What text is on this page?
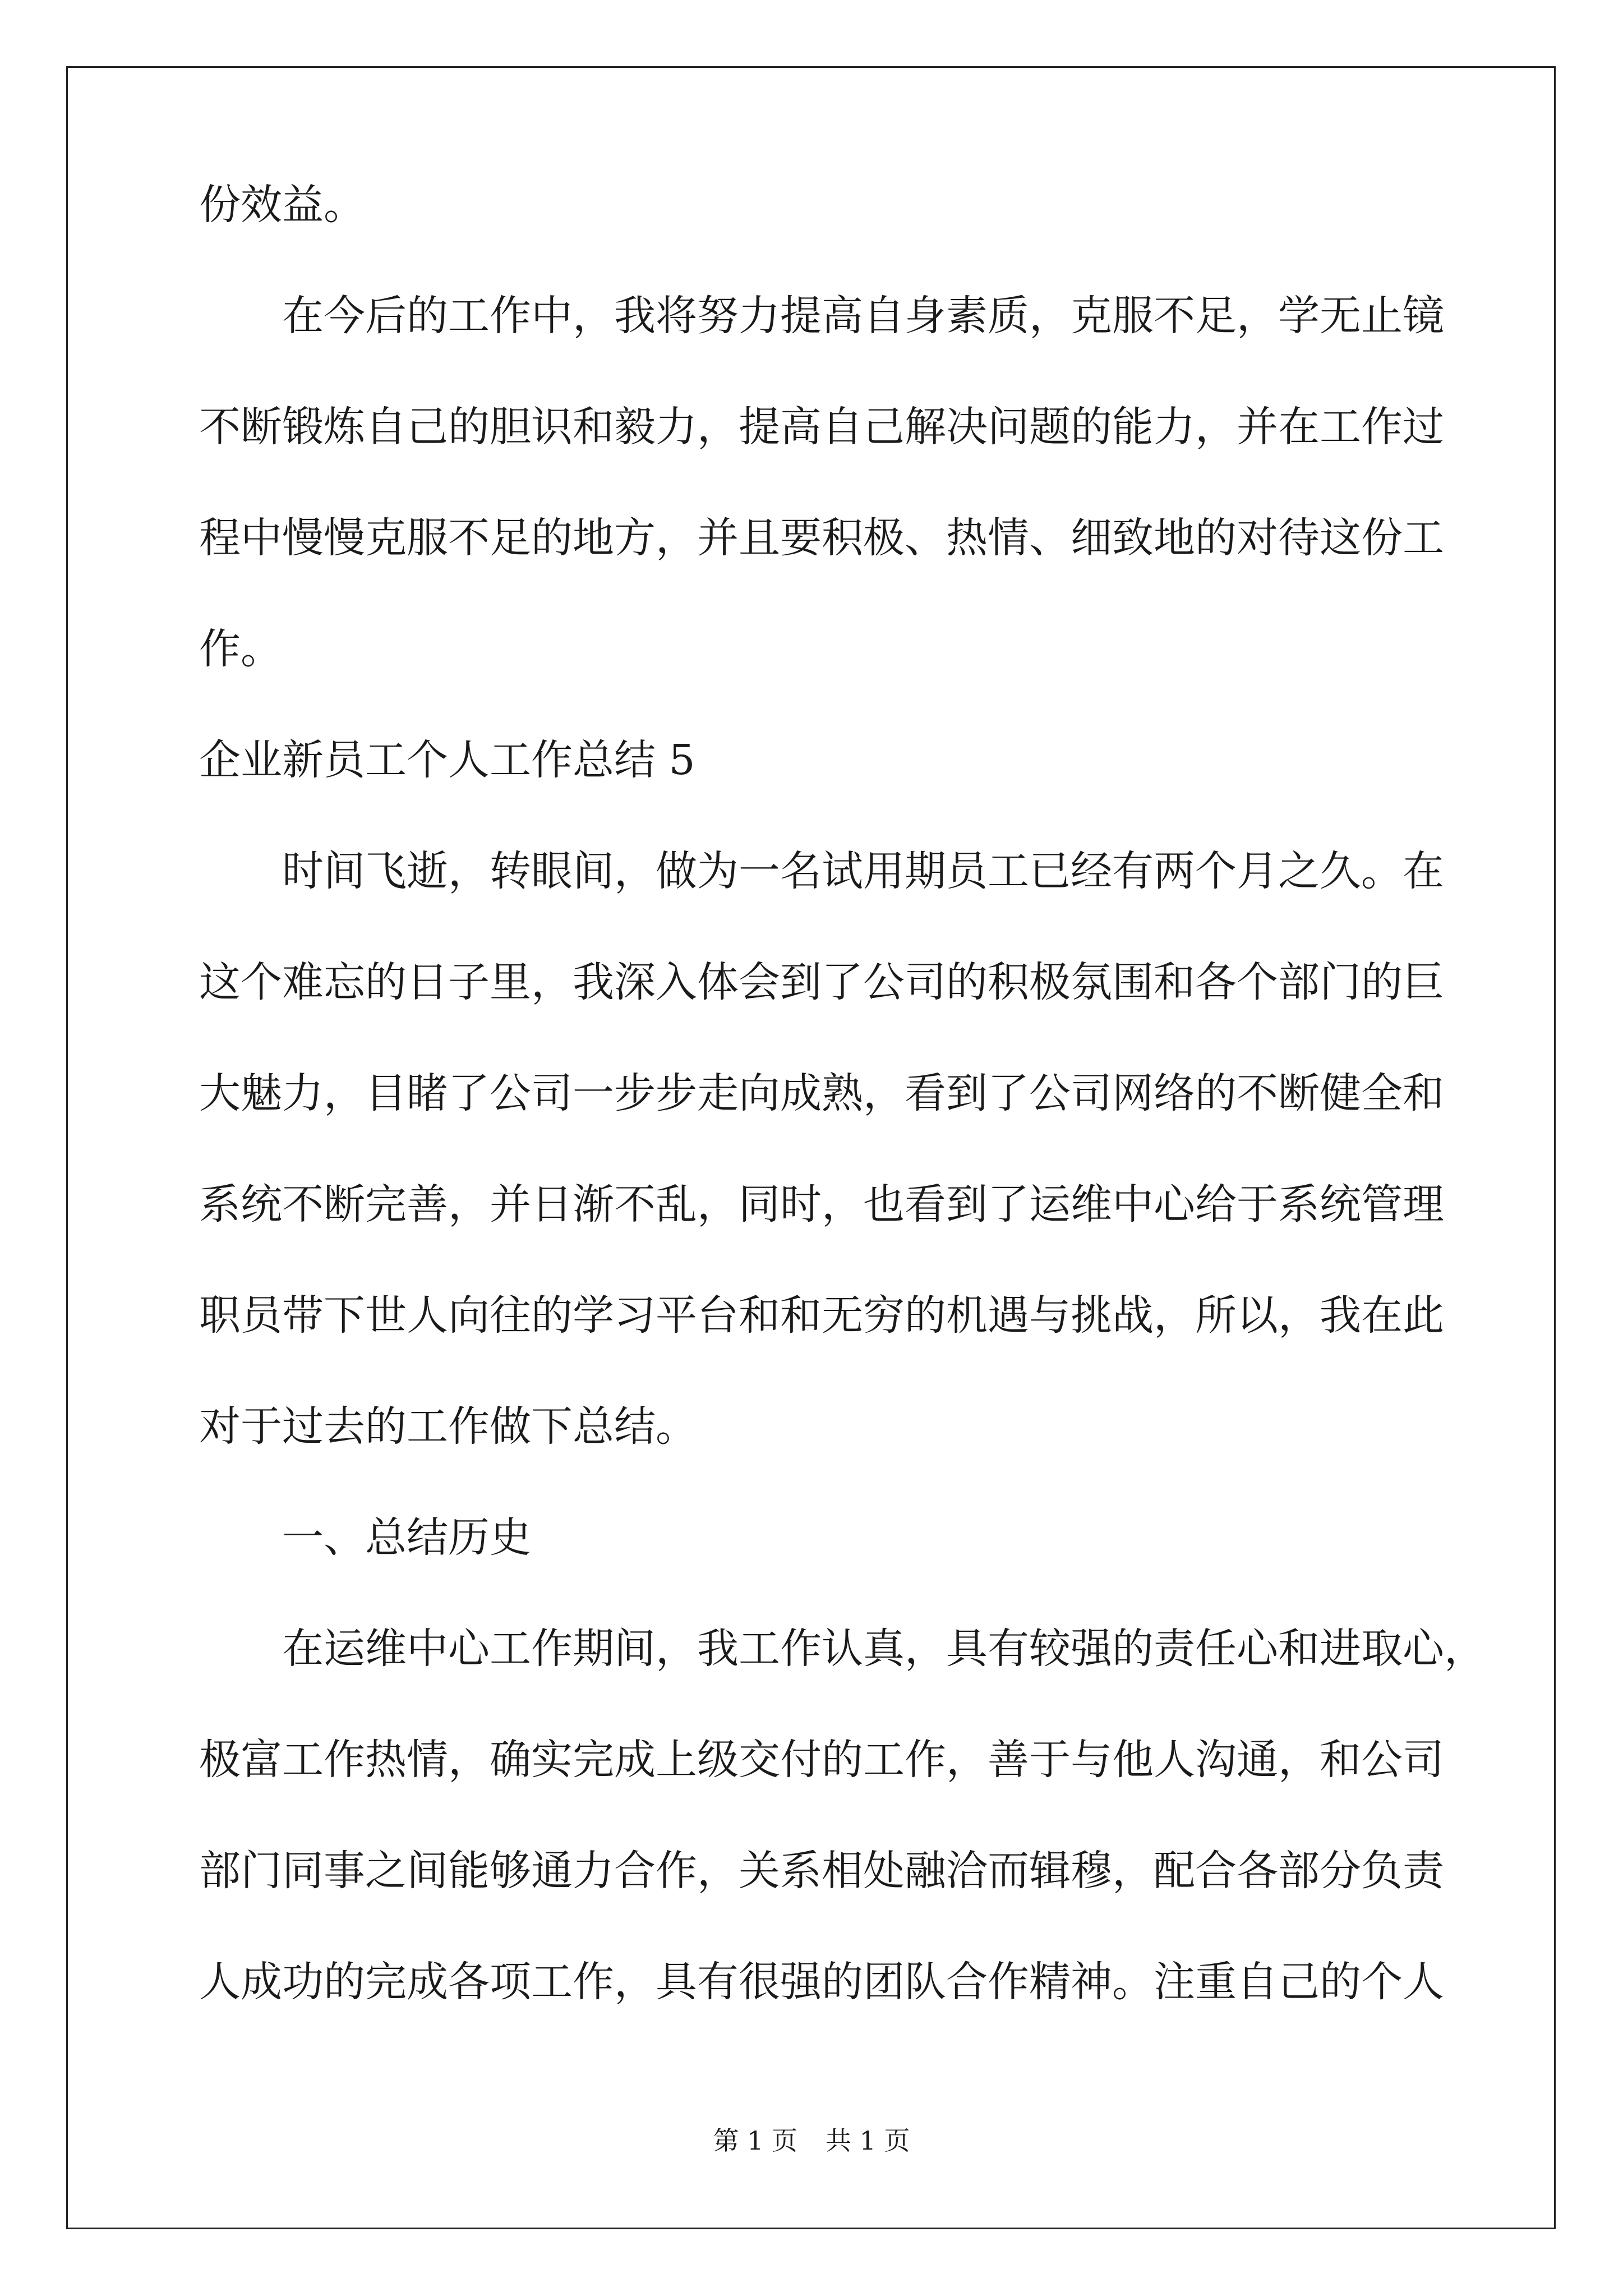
份效益。
在今后的工作中，我将努力提高自身素质，克服不足，学无止镜
不断锻炼自己的胆识和毅力，提高自己解决问题的能力，并在工作过
程中慢慢克服不足的地方，并且要积极、热情、细致地的对待这份工
作。
企业新员工个人工作总结 5
时间飞逝，转眼间，做为一名试用期员工已经有两个月之久。在
这个难忘的日子里，我深入体会到了公司的积极氛围和各个部门的巨
大魅力，目睹了公司一步步走向成熟，看到了公司网络的不断健全和
系统不断完善，并日渐不乱，同时，也看到了运维中心给于系统管理
职员带下世人向往的学习平台和和无穷的机遇与挑战，所以，我在此
对于过去的工作做下总结。
一、总结历史
在运维中心工作期间，我工作认真，具有较强的责任心和进取心，
极富工作热情，确实完成上级交付的工作，善于与他人沟通，和公司
部门同事之间能够通力合作，关系相处融洽而辑穆，配合各部分负责
人成功的完成各项工作，具有很强的团队合作精神。注重自己的个人
第 1 页 共 1 页
